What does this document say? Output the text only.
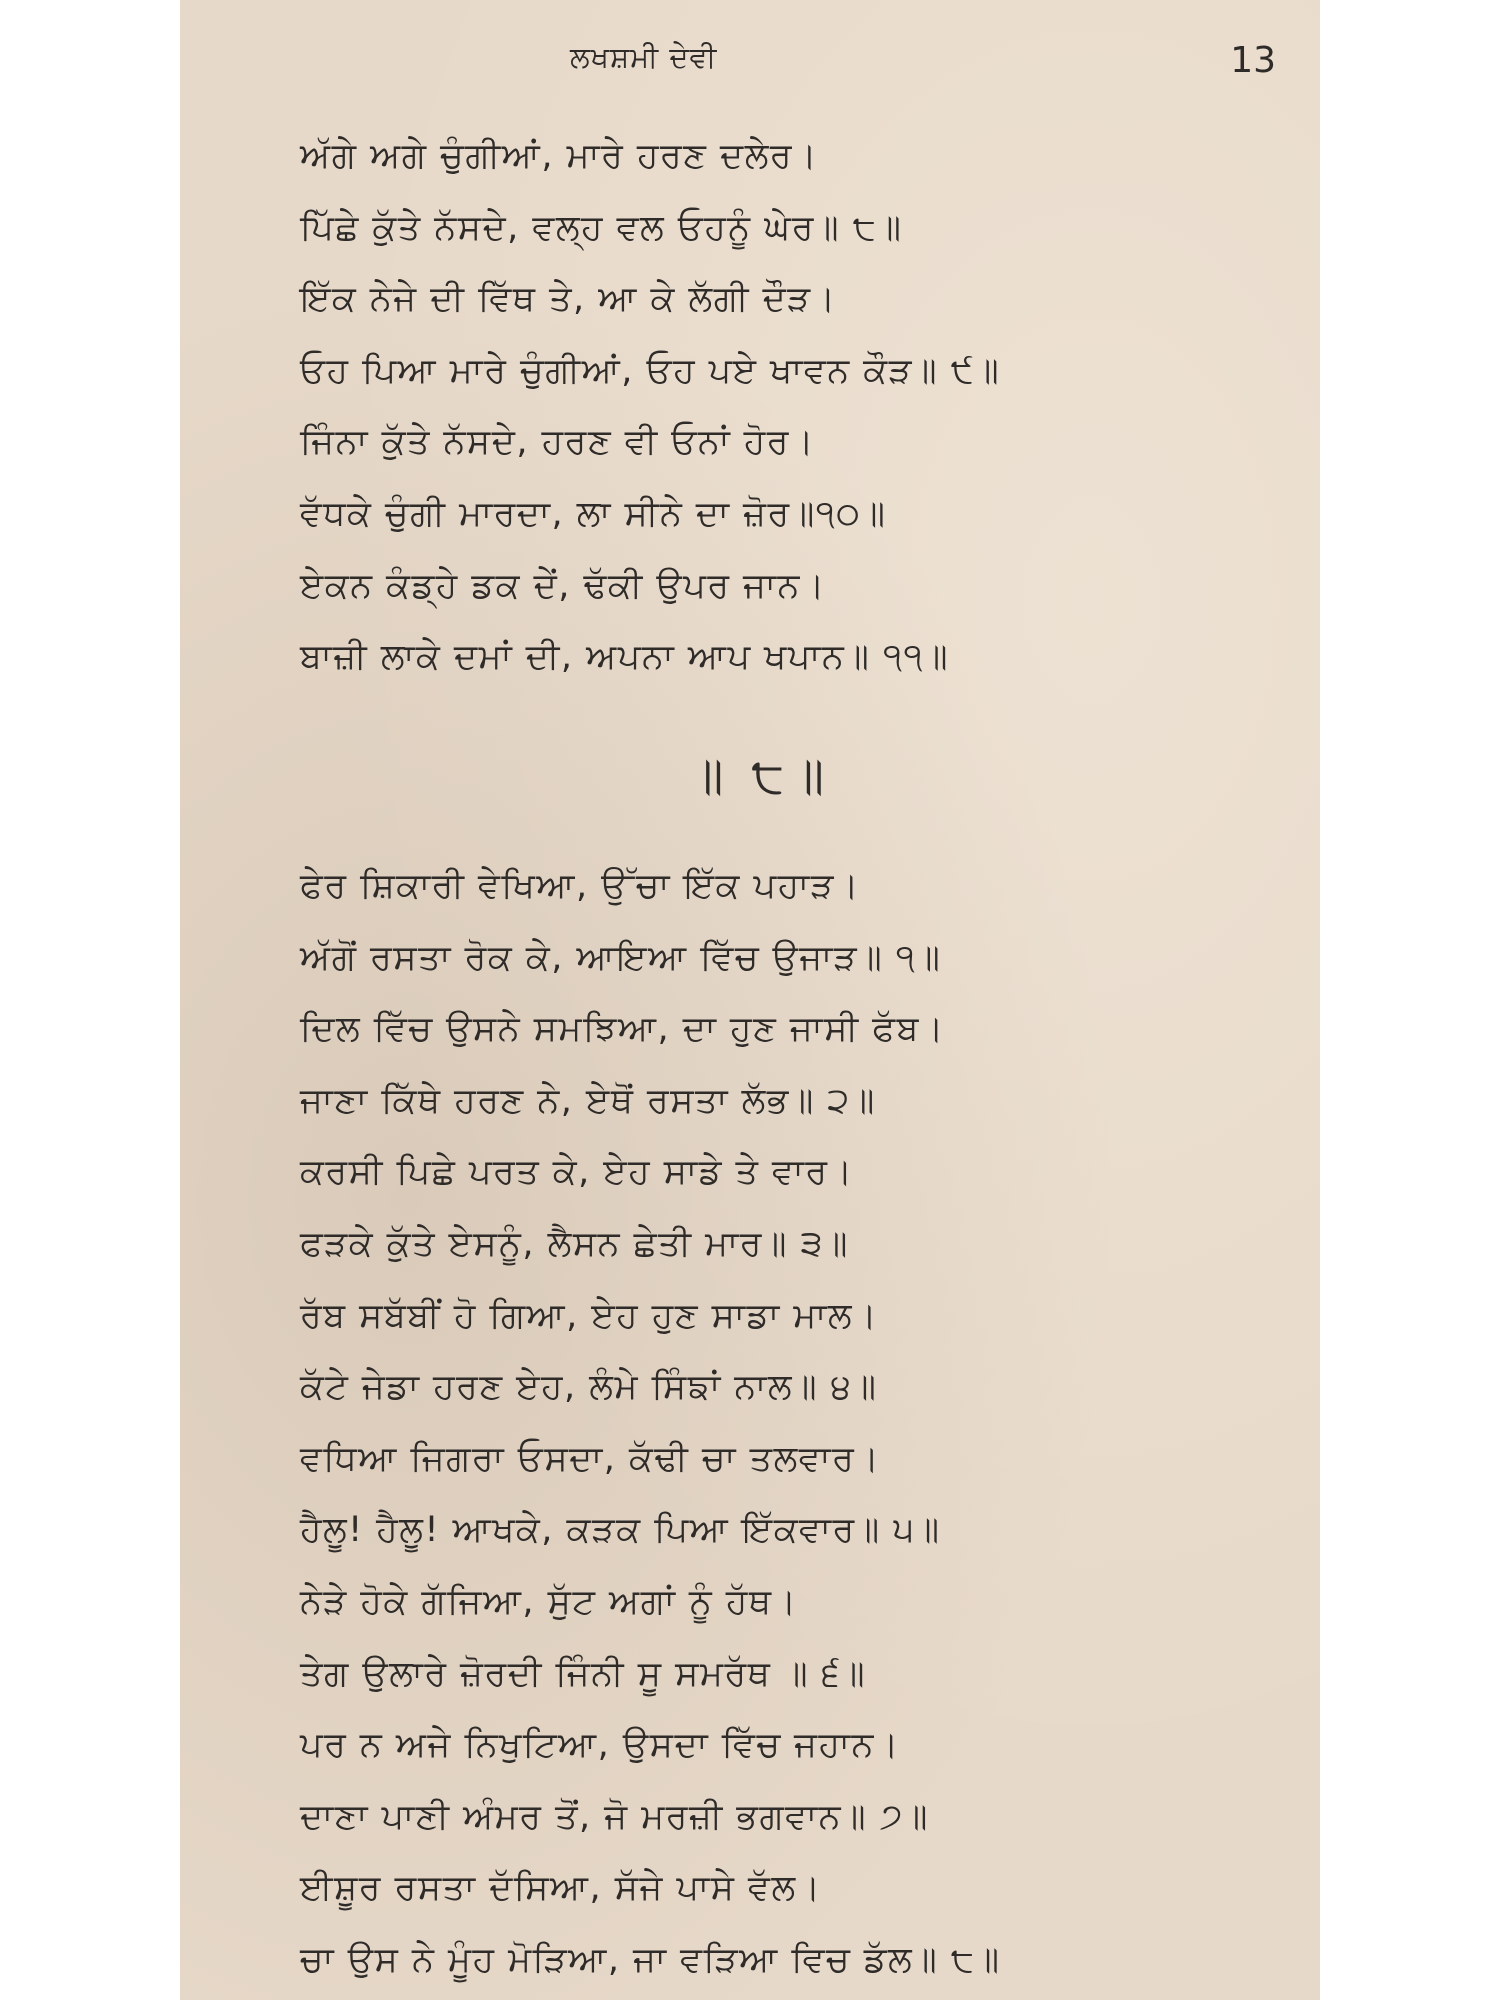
ਲਖਸ਼ਮੀ ਦੇਵੀ	13
ਅੱਗੇ ਅਗੇ ਚੁੰਗੀਆਂ, ਮਾਰੇ ਹਰਣ ਦਲੇਰ।
ਪਿੱਛੇ ਕੁੱਤੇ ਨੱਸਦੇ, ਵਲ੍ਹ ਵਲ ਓਹਨੂੰ ਘੇਰ॥ ੮॥
ਇੱਕ ਨੇਜੇ ਦੀ ਵਿੱਥ ਤੇ, ਆ ਕੇ ਲੱਗੀ ਦੌੜ।
ਓਹ ਪਿਆ ਮਾਰੇ ਚੁੰਗੀਆਂ, ਓਹ ਪਏ ਖਾਵਨ ਕੌੜ॥ ੯॥
ਜਿੰਨਾ ਕੁੱਤੇ ਨੱਸਦੇ, ਹਰਣ ਵੀ ਓਨਾਂ ਹੋਰ।
ਵੱਧਕੇ ਚੁੰਗੀ ਮਾਰਦਾ, ਲਾ ਸੀਨੇ ਦਾ ਜ਼ੋਰ॥੧੦॥
ਏਕਨ ਕੰਡ੍ਹੇ ਡਕ ਦੇਂ, ਢੱਕੀ ਉਪਰ ਜਾਨ।
ਬਾਜ਼ੀ ਲਾਕੇ ਦਮਾਂ ਦੀ, ਅਪਨਾ ਆਪ ਖਪਾਨ॥ ੧੧॥
॥ ੮॥
ਫੇਰ ਸ਼ਿਕਾਰੀ ਵੇਖਿਆ, ਉੱਚਾ ਇੱਕ ਪਹਾੜ।
ਅੱਗੋਂ ਰਸਤਾ ਰੋਕ ਕੇ, ਆਇਆ ਵਿੱਚ ਉਜਾੜ॥ ੧॥
ਦਿਲ ਵਿੱਚ ਉਸਨੇ ਸਮਝਿਆ, ਦਾ ਹੁਣ ਜਾਸੀ ਫੱਬ।
ਜਾਣਾ ਕਿੱਥੇ ਹਰਣ ਨੇ, ਏਥੋਂ ਰਸਤਾ ਲੱਭ॥ ੨॥
ਕਰਸੀ ਪਿਛੇ ਪਰਤ ਕੇ, ਏਹ ਸਾਡੇ ਤੇ ਵਾਰ।
ਫੜਕੇ ਕੁੱਤੇ ਏਸਨੂੰ, ਲੈਸਨ ਛੇਤੀ ਮਾਰ॥ ੩॥
ਰੱਬ ਸਬੱਬੀਂ ਹੋ ਗਿਆ, ਏਹ ਹੁਣ ਸਾਡਾ ਮਾਲ।
ਕੱਟੇ ਜੇਡਾ ਹਰਣ ਏਹ, ਲੰਮੇ ਸਿੰਙਾਂ ਨਾਲ॥ ੪॥
ਵਧਿਆ ਜਿਗਰਾ ਓਸਦਾ, ਕੱਢੀ ਚਾ ਤਲਵਾਰ।
ਹੈਲੂ! ਹੈਲੂ! ਆਖਕੇ, ਕੜਕ ਪਿਆ ਇੱਕਵਾਰ॥ ੫॥
ਨੇੜੇ ਹੋਕੇ ਗੱਜਿਆ, ਸੁੱਟ ਅਗਾਂ ਨੂੰ ਹੱਥ।
ਤੇਗ ਉਲਾਰੇ ਜ਼ੋਰਦੀ ਜਿੰਨੀ ਸੂ ਸਮਰੱਥ ॥ ੬॥
ਪਰ ਨ ਅਜੇ ਨਿਖੁਟਿਆ, ਉਸਦਾ ਵਿੱਚ ਜਹਾਨ।
ਦਾਣਾ ਪਾਣੀ ਅੰਮਰ ਤੋਂ, ਜੋ ਮਰਜ਼ੀ ਭਗਵਾਨ॥ ੭॥
ਈਸ਼ੂਰ ਰਸਤਾ ਦੱਸਿਆ, ਸੱਜੇ ਪਾਸੇ ਵੱਲ।
ਚਾ ਉਸ ਨੇ ਮੂੰਹ ਮੋੜਿਆ, ਜਾ ਵੜਿਆ ਵਿਚ ਡੱਲ॥ ੮॥
